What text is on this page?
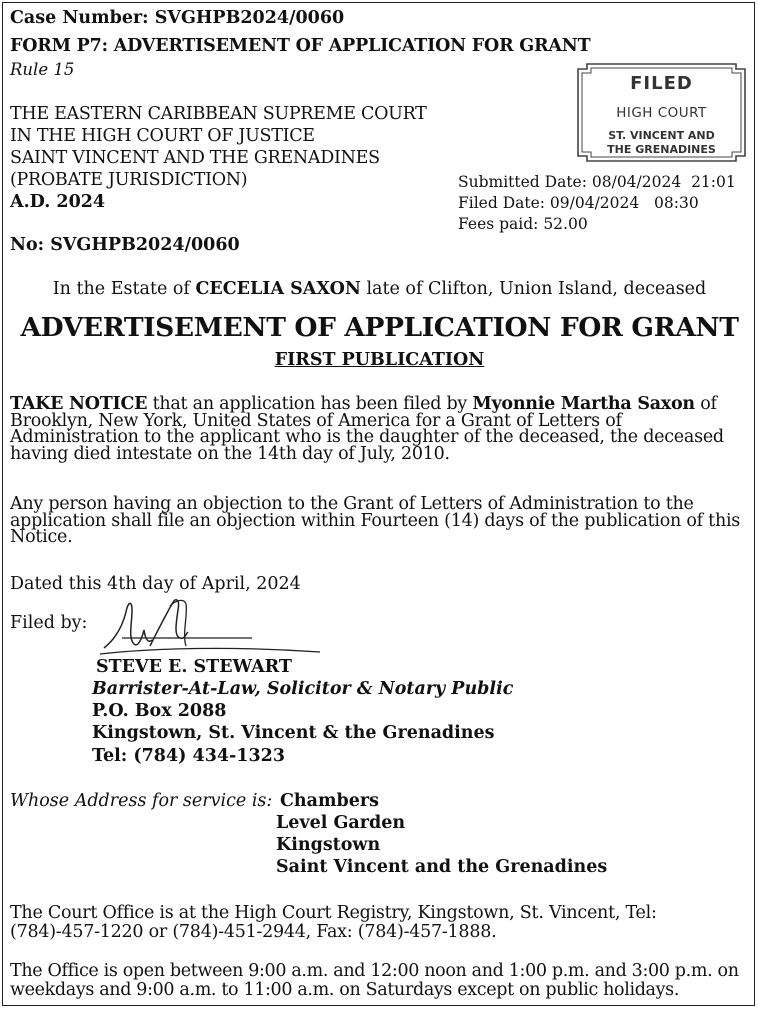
Case Number: SVGHPB2024/0060
FORM P7: ADVERTISEMENT OF APPLICATION FOR GRANT
Rule 15
THE EASTERN CARIBBEAN SUPREME COURT
IN THE HIGH COURT OF JUSTICE
SAINT VINCENT AND THE GRENADINES
(PROBATE JURISDICTION)
A.D. 2024
FILED
HIGH COURT
ST. VINCENT AND
THE GRENADINES
Submitted Date: 08/04/2024  21:01
Filed Date: 09/04/2024   08:30
Fees paid: 52.00
No: SVGHPB2024/0060
In the Estate of CECELIA SAXON late of Clifton, Union Island, deceased
ADVERTISEMENT OF APPLICATION FOR GRANT
FIRST PUBLICATION
TAKE NOTICE that an application has been filed by Myonnie Martha Saxon of Brooklyn, New York, United States of America for a Grant of Letters of Administration to the applicant who is the daughter of the deceased, the deceased having died intestate on the 14th day of July, 2010.
Any person having an objection to the Grant of Letters of Administration to the application shall file an objection within Fourteen (14) days of the publication of this Notice.
Dated this 4th day of April, 2024
Filed by:
STEVE E. STEWART
Barrister-At-Law, Solicitor & Notary Public
P.O. Box 2088
Kingstown, St. Vincent & the Grenadines
Tel: (784) 434-1323
Whose Address for service is: Chambers
Level Garden
Kingstown
Saint Vincent and the Grenadines
The Court Office is at the High Court Registry, Kingstown, St. Vincent, Tel: (784)-457-1220 or (784)-451-2944, Fax: (784)-457-1888.
The Office is open between 9:00 a.m. and 12:00 noon and 1:00 p.m. and 3:00 p.m. on weekdays and 9:00 a.m. to 11:00 a.m. on Saturdays except on public holidays.
